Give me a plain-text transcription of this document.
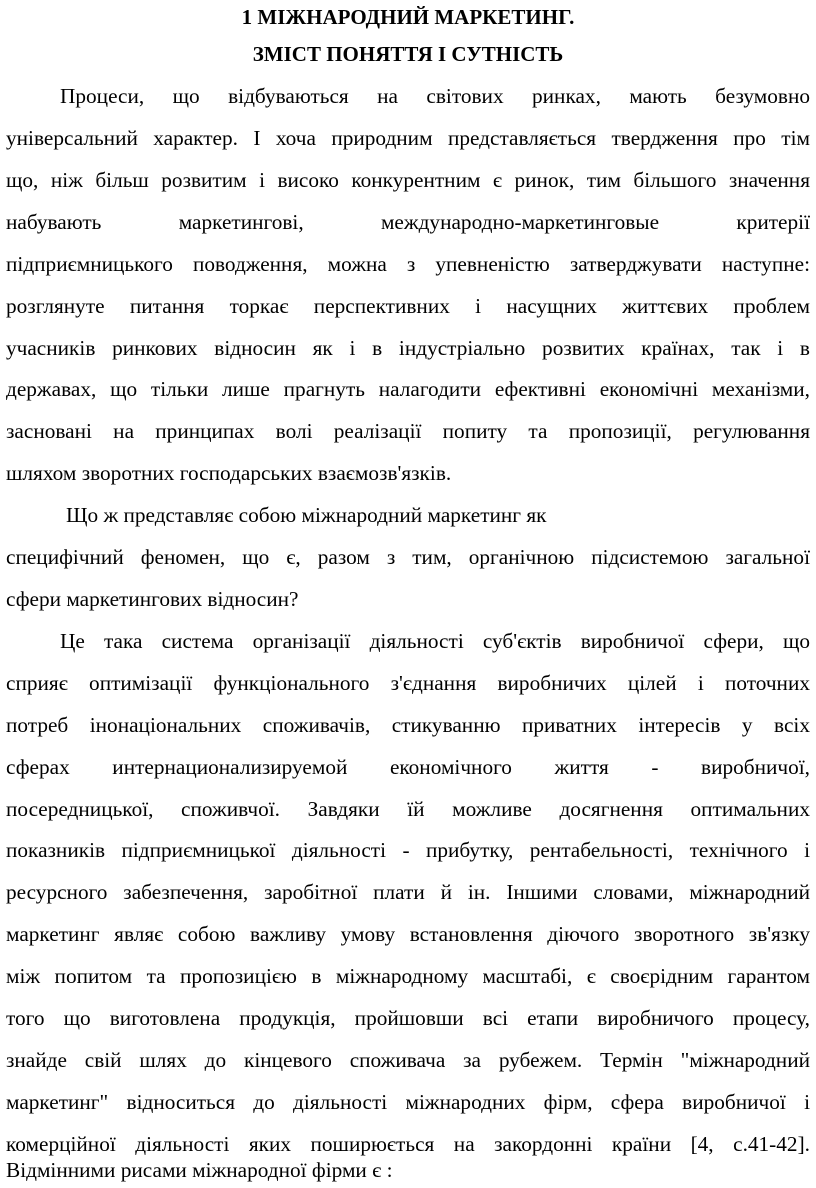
1 МІЖНАРОДНИЙ МАРКЕТИНГ.
ЗМІСТ ПОНЯТТЯ І СУТНІСТЬ

Процеси, що відбуваються на світових ринках, мають безумовно

універсальний характер. І хоча природним представляється твердження про тім

що, ніж більш розвитим і високо конкурентним є ринок, тим більшого значення

набувають маркетингові, международно-маркетинговые критерії

підприємницького поводження, можна з упевненістю затверджувати наступне:

розглянуте питання торкає перспективних і насущних життєвих проблем

учасників ринкових відносин як і в індустріально розвитих країнах, так і в

державах, що тільки лише прагнуть налагодити ефективні економічні механізми,

засновані на принципах волі реалізації попиту та пропозиції, регулювання

шляхом зворотних господарських взаємозв'язків.

Що ж представляє собою міжнародний маркетинг як

специфічний феномен, що є, разом з тим, органічною підсистемою загальної

сфери маркетингових відносин?

Це така система організації діяльності суб'єктів виробничої сфери, що

сприяє оптимізації функціонального з'єднання виробничих цілей і поточних

потреб інонаціональних споживачів, стикуванню приватних інтересів у всіх

сферах интернационализируемой економічного життя - виробничої,

посередницької, споживчої. Завдяки їй можливе досягнення оптимальних

показників підприємницької діяльності - прибутку, рентабельності, технічного і

ресурсного забезпечення, заробітної плати й ін. Іншими словами, міжнародний

маркетинг являє собою важливу умову встановлення діючого зворотного зв'язку

між попитом та пропозицією в міжнародному масштабі, є своєрідним гарантом

того що виготовлена продукція, пройшовши всі етапи виробничого процесу,

знайде свій шлях до кінцевого споживача за рубежем. Термін "міжнародний

маркетинг" відноситься до діяльності міжнародних фірм, сфера виробничої і

комерційної діяльності яких поширюється на закордонні країни [4, с.41-42].

Відмінними рисами міжнародної фірми є :
